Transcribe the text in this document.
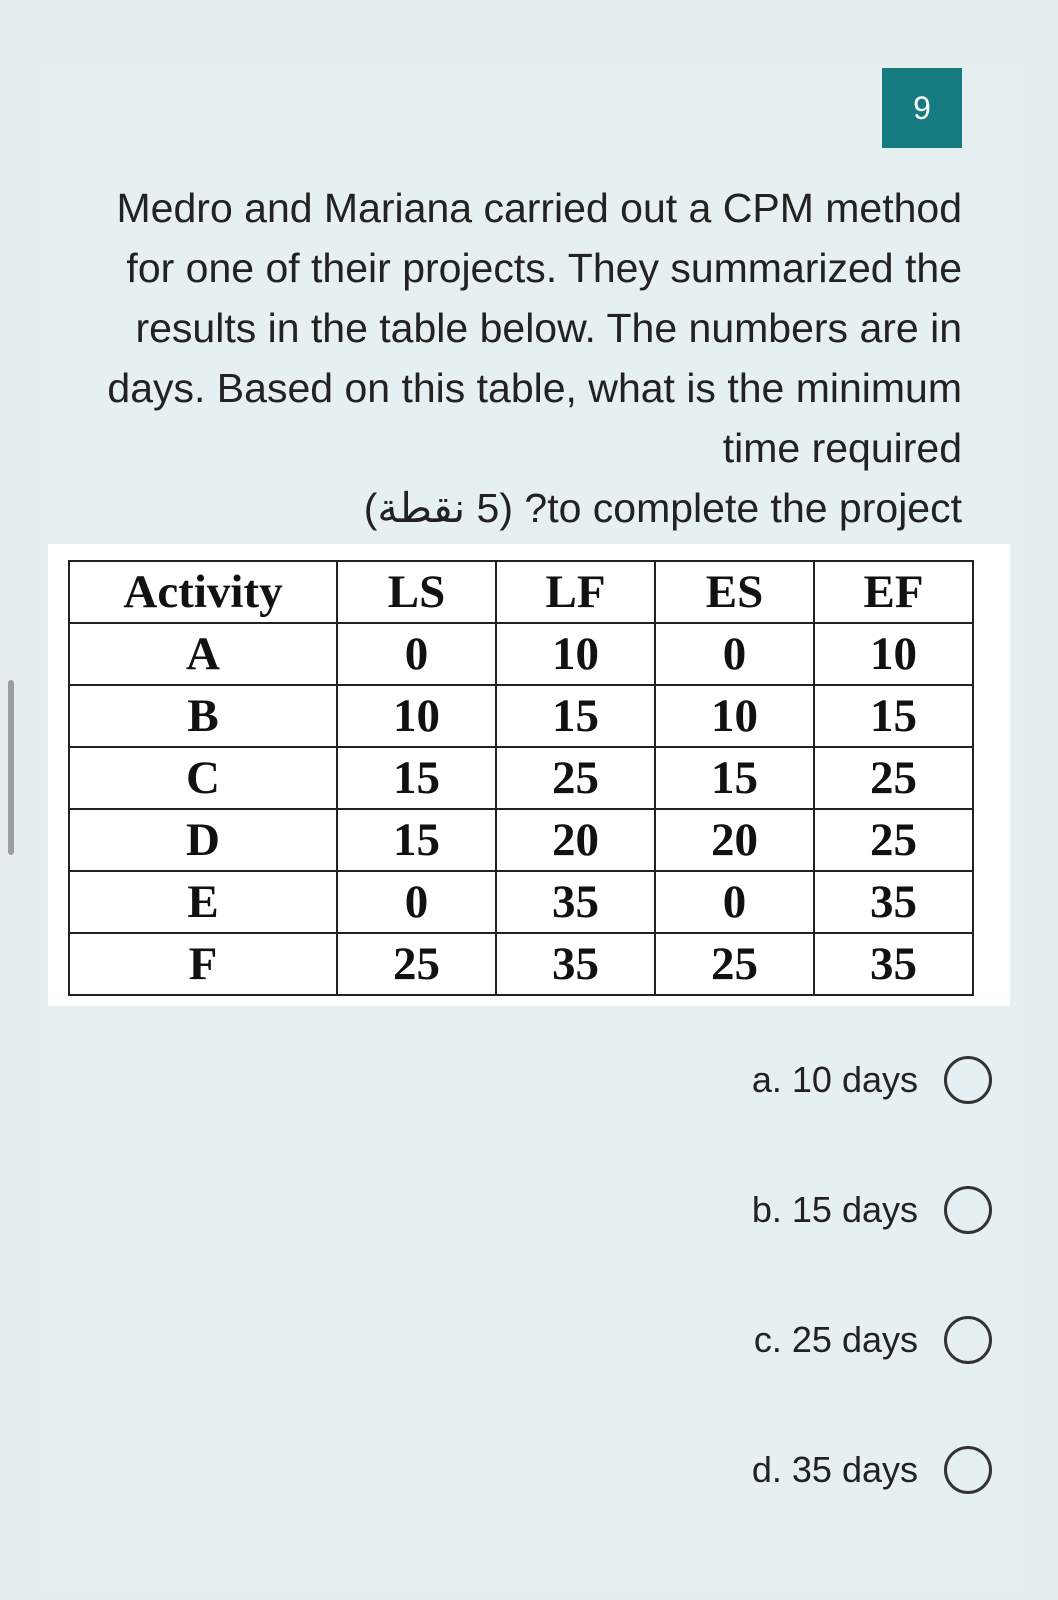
9

Medro and Mariana carried out a CPM method for one of their projects. They summarized the results in the table below. The numbers are in days. Based on this table, what is the minimum time required
(5 نقطة) ?to complete the project

Activity	LS	LF	ES	EF
A	0	10	0	10
B	10	15	10	15
C	15	25	15	25
D	15	20	20	25
E	0	35	0	35
F	25	35	25	35
a. 10 days
b. 15 days
c. 25 days
d. 35 days
